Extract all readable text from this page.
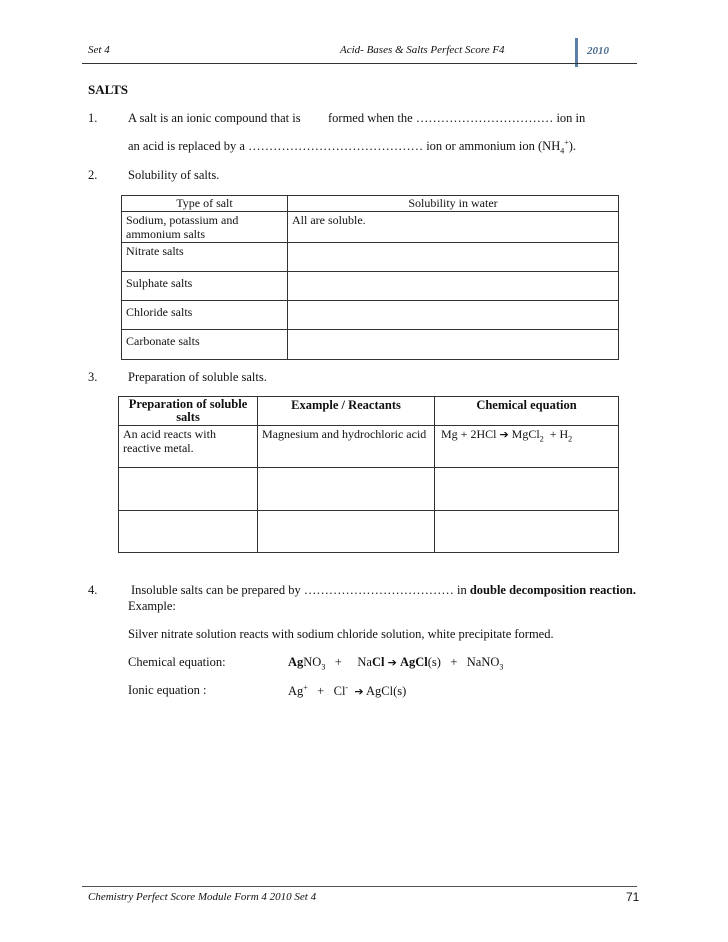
Set 4	Acid- Bases & Salts Perfect Score F4	2010
SALTS
1. A salt is an ionic compound that is formed when the …………………………… ion in
an acid is replaced by a …………………………………… ion or ammonium ion $(NH_4^+)$.
2. Solubility of salts.
Type of salt	Solubility in water
Sodium, potassium and ammonium salts	All are soluble.
Nitrate salts	
Sulphate salts	
Chloride salts	
Carbonate salts	
3. Preparation of soluble salts.
Preparation of soluble salts	Example / Reactants	Chemical equation
An acid reacts with reactive metal.	Magnesium and hydrochloric acid	Mg + 2HCl ➔ MgCl$_2$ + $H_2$

4.	Insoluble salts can be prepared by ……………………………… in double decomposition reaction.
Example:
Silver nitrate solution reacts with sodium chloride solution, white precipitate formed.
Chemical equation:	AgNO$_3$ + NaCl ➔ AgCl(s) + NaNO$_3$
Ionic equation :	Ag+ + Cl- ➔ AgCl(s)
Chemistry Perfect Score Module Form 4 2010 Set 4	71
